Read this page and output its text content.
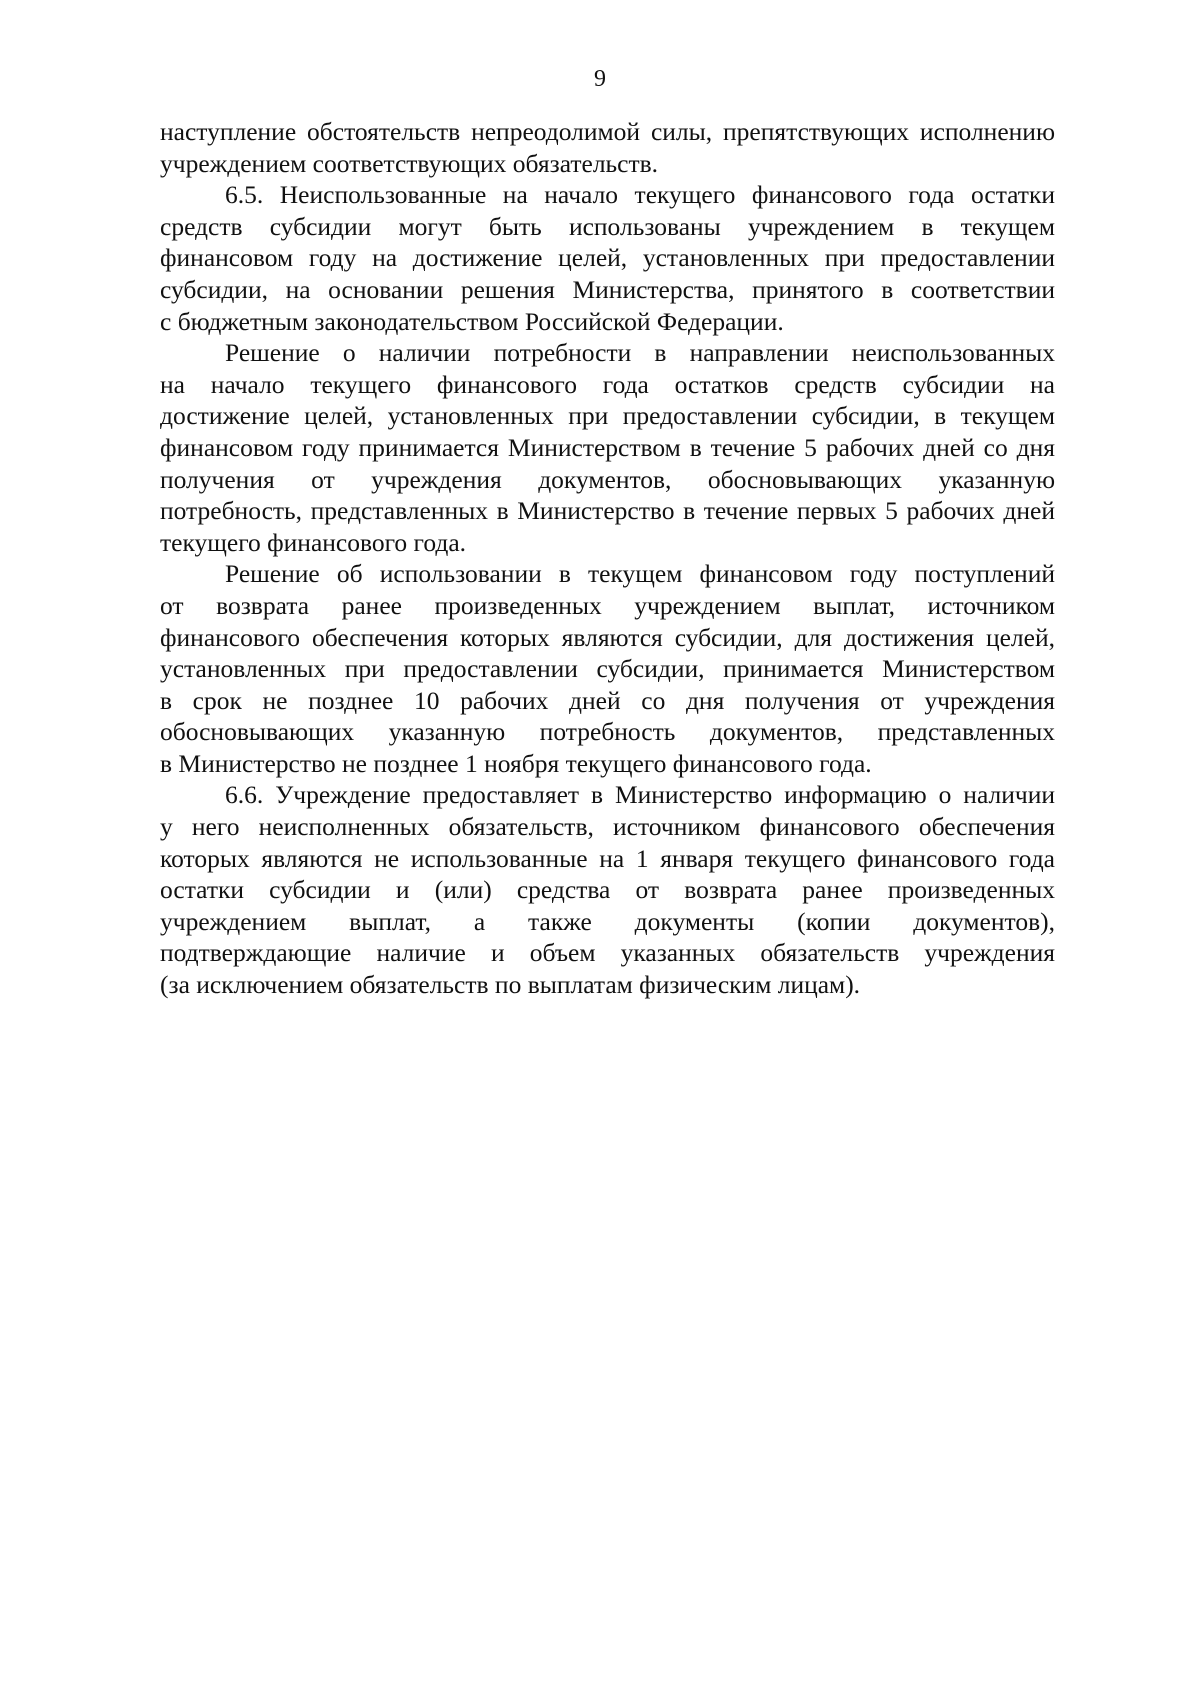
9
наступление обстоятельств непреодолимой силы, препятствующих исполнению
учреждением соответствующих обязательств.
6.5. Неиспользованные на начало текущего финансового года остатки
средств субсидии могут быть использованы учреждением в текущем
финансовом году на достижение целей, установленных при предоставлении
субсидии, на основании решения Министерства, принятого в соответствии
с бюджетным законодательством Российской Федерации.
Решение о наличии потребности в направлении неиспользованных
на начало текущего финансового года остатков средств субсидии на
достижение целей, установленных при предоставлении субсидии, в текущем
финансовом году принимается Министерством в течение 5 рабочих дней со дня
получения от учреждения документов, обосновывающих указанную
потребность, представленных в Министерство в течение первых 5 рабочих дней
текущего финансового года.
Решение об использовании в текущем финансовом году поступлений
от возврата ранее произведенных учреждением выплат, источником
финансового обеспечения которых являются субсидии, для достижения целей,
установленных при предоставлении субсидии, принимается Министерством
в срок не позднее 10 рабочих дней со дня получения от учреждения
обосновывающих указанную потребность документов, представленных
в Министерство не позднее 1 ноября текущего финансового года.
6.6. Учреждение предоставляет в Министерство информацию о наличии
у него неисполненных обязательств, источником финансового обеспечения
которых являются не использованные на 1 января текущего финансового года
остатки субсидии и (или) средства от возврата ранее произведенных
учреждением выплат, а также документы (копии документов),
подтверждающие наличие и объем указанных обязательств учреждения
(за исключением обязательств по выплатам физическим лицам).
